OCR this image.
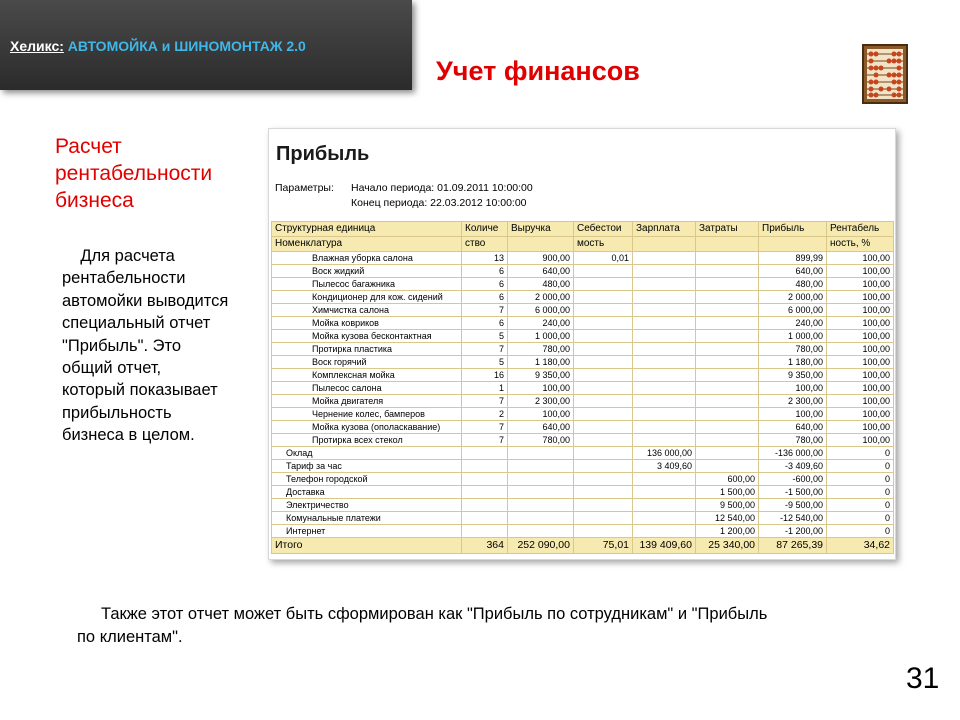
Хеликс: АВТОМОЙКА и ШИНОМОНТАЖ 2.0
Учет финансов
Расчет
рентабельности
бизнеса
Для расчета
рентабельности
автомойки выводится
специальный отчет
"Прибыль". Это
общий отчет,
который показывает
прибыльность
бизнеса в целом.
Прибыль
Параметры: Начало периода: 01.09.2011 10:00:00
Конец периода: 22.03.2012 10:00:00
Структурная единица	Количе	Выручка	Себестои	Зарплата	Затраты	Прибыль	Рентабель
Номенклатура	ство		мость				ность, %
Влажная уборка салона	13	900,00	0,01			899,99	100,00
Воск жидкий	6	640,00				640,00	100,00
Пылесос багажника	6	480,00				480,00	100,00
Кондиционер для кож. сидений	6	2 000,00				2 000,00	100,00
Химчистка салона	7	6 000,00				6 000,00	100,00
Мойка ковриков	6	240,00				240,00	100,00
Мойка кузова бесконтактная	5	1 000,00				1 000,00	100,00
Протирка пластика	7	780,00				780,00	100,00
Воск горячий	5	1 180,00				1 180,00	100,00
Комплексная мойка	16	9 350,00				9 350,00	100,00
Пылесос салона	1	100,00				100,00	100,00
Мойка двигателя	7	2 300,00				2 300,00	100,00
Чернение колес, бамперов	2	100,00				100,00	100,00
Мойка кузова (ополаскавание)	7	640,00				640,00	100,00
Протирка всех стекол	7	780,00				780,00	100,00
Оклад				136 000,00		-136 000,00	0
Тариф за час				3 409,60		-3 409,60	0
Телефон городской					600,00	-600,00	0
Доставка					1 500,00	-1 500,00	0
Электричество					9 500,00	-9 500,00	0
Комунальные платежи					12 540,00	-12 540,00	0
Интернет					1 200,00	-1 200,00	0
Итого	364	252 090,00	75,01	139 409,60	25 340,00	87 265,39	34,62
Также этот отчет может быть сформирован как "Прибыль по сотрудникам" и "Прибыль
по клиентам".
31
